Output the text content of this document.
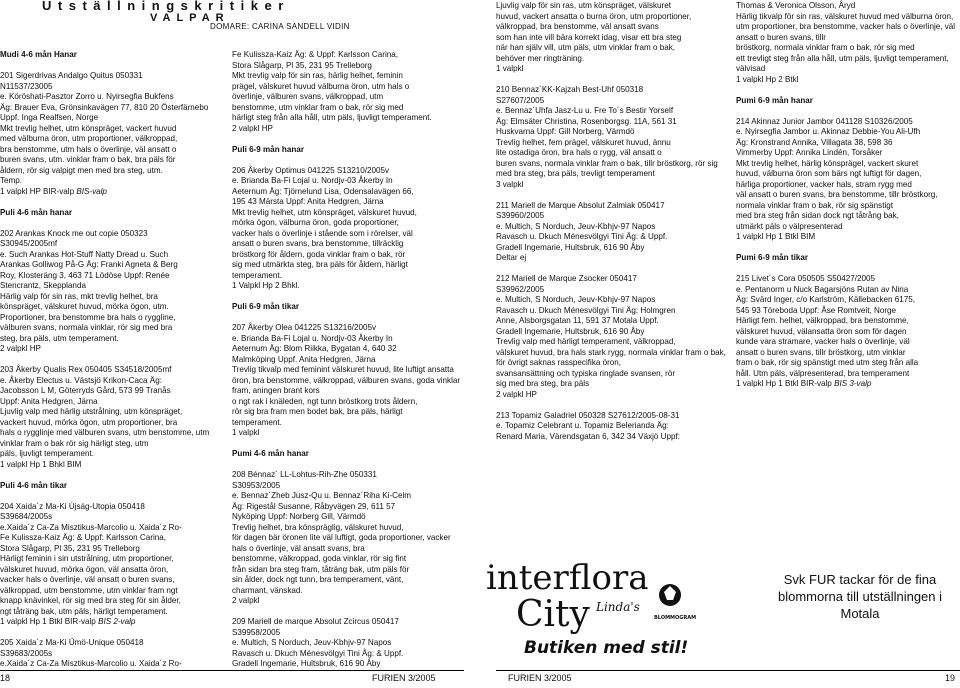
Utställningskritiker
VALPAR
DOMARE: CARINA SANDELL VIDIN

Mudi 4-6 mån Hanar

201 Sigerdrivas Andalgo Quitus 050331
N11537/23005
e. Köröshati-Pasztor Zorro u. Nyirsegfia Bukfens
Äg: Brauer Eva, Grönsinkavägen 77, 810 20 Österfärnebo Uppf. Inga Realfsen, Norge
Mkt trevlig helhet, utm könspräget, vackert huvud
med välburna öron, utm proportioner, välkroppad,
bra benstomme, utm hals o överlinje, väl ansatt o
buren svans, utm. vinklar fram o bak, bra päls för
åldern, rör sig valpigt men med bra steg, utm.
Temp.

1 valpkl HP BIR-valp BIS-valp

Puli 4-6 mån hanar

202 Arankas Knock me out copie 050323
S30945/2005mf
e. Such Arankas Hot-Stuff Natty Dread u. Such
Arankas Golliwog På-G Äg: Franki Agneta & Berg
Roy, Klosteräng 3, 463 71 Lödöse Uppf: Renée
Stencrantz, Skepplanda
Härlig valp för sin ras, mkt trevlig helhet, bra
könspräget, välskuret huvud, mörka ögon, utm.
Proportioner, bra benstomme bra hals o ryggline,
välburen svans, normala vinklar, rör sig med bra
steg, bra päls, utm temperament.
2 valpkl HP

203 Åkerby Qualis Rex 050405 S34518/2005mf
e. Åkerby Electus u. Västsjö Krikon-Caca Äg:
Jacobsson L M, Göterryds Gård, 573 99 Tranås
Uppf: Anita Hedgren, Järna
Ljuvlig valp med härlig utstrålning, utm könspräget,
vackert huvud, mörka ögon, utm proportioner, bra
hals o rygglinje med välburen svans, utm benstomme, utm vinklar fram o bak rör sig härligt steg, utm
päls, ljuvligt temperament.
1 valpkl Hp 1 Bhkl BIM

Puli 4-6 mån tikar

204 Xaida´z Ma-Ki Újság-Utopia 050418
S39684/2005s
e.Xaida´z Ca-Za Misztikus-Marcolio u. Xaida´z Ro-
Fe Kulissza-Kaiz Äg: & Uppf: Karlsson Carina,
Stora Slågarp, Pl 35, 231 95 Trelleborg
Härligt feminin i sin utstrålning, utm proportioner,
välskuret huvud, mörka ögon, väl ansatta öron,
vacker hals o överlinje, väl ansatt o buren svans,
välkroppad, utm benstomme, utm vinklar fram ngt
knapp knävinkel, rör sig med bra steg för sin ålder,
ngt tåträng bak, utm päls, härligt temperament.

1 valpkl Hp 1 Btkl BIR-valp BIS 2-valp

205 Xaida´z Ma-Ki Ümö-Unique 050418
S39683/2005s
e.Xaida´z Ca-Za Misztikus-Marcolio u. Xaida´z Ro-

Fe Kulissza-Kaiz Äg: & Uppf: Karlsson Carina,
Stora Slågarp, Pl 35, 231 95 Trelleborg
Mkt trevlig valp för sin ras, härlig helhet, feminin
prägel, välskuret huvud välburna öron, utm hals o
överlinje, välburen svans, välkroppad, utm
benstomme, utm vinklar fram o bak, rör sig med
härligt steg från alla håll, utm päls, ljuvligt temperament.
2 valpkl HP

Puli 6-9 mån hanar

206 Åkerby Optimus 041225 S13210/2005v
e. Brianda Ba-Fi Lojal u. Nordjv-03 Åkerby In
Aeternum Äg: Tjörnelund Lisa, Odensalavägen 66,
195 43 Märsta Uppf: Anita Hedgren, Järna
Mkt trevlig helhet, utm könspräget, välskuret huvud,
mörka ögon, välburna öron, goda proportioner,
vacker hals o överlinje i stående som i rörelser, väl
ansatt o buren svans, bra benstomme, tillräcklig
bröstkorg för åldern, goda vinklar fram o bak, rör
sig med utmärkta steg, bra päls för åldern, härligt
temperament.
1 Valpkl Hp 2 Bhkl.

Puli 6-9 mån tikar

207 Åkerby Olea 041225 S13216/2005v
e. Brianda Ba-Fi Lojal u. Nordjv-03 Åkerby In
Aeternum Äg: Blom Riikka, Bygatan 4, 640 32
Malmköping Uppf. Anita Hedgren, Järna
Trevlig tikvalp med feminint välskuret huvud, lite luftigt ansatta öron, bra benstomme, välkroppad, välburen svans, goda vinklar fram, aningen brant kors
o ngt rak i knäleden, ngt tunn bröstkorg trots åldern,
rör sig bra fram men bodet bak, bra päls, härligt
temperament.
1 valpkl

Pumi 4-6 mån hanar

208 Bénnaz´ LL-Lohtus-Rih-Zhe 050331
S30953/2005
e. Bennaz´Zheb Jusz-Qu u. Bennaz´Riha Ki-Celm
Äg: Rigestål Susanne, Råbyvägen 29, 611 57
Nyköping Uppf: Norberg Gill, Värmdö
Trevlig helhet, bra könspräglig, välskuret huvud,
för dagen bär öronen lite väl luftigt, goda proportioner, vacker hals o överlinje, väl ansatt svans, bra
benstomme, välkroppad, goda vinklar, rör sig fint
från sidan bra steg fram, tåträng bak, utm päls för
sin ålder, dock ngt tunn, bra temperament, vänt,
charmant, vänskad.
2 valpkl

209 Mariell de marque Absolut Zcircus 050417
S39958/2005
e. Multich, S Norduch, Jeuv-Kbhjv-97 Napos
Ravasch u. Dkuch Ménesvölgyi Tini Åg: & Uppf.
Gradell Ingemarie, Hultsbruk, 616 90 Åby

Ljuvlig valp för sin ras, utm könspräget, välskuret
huvud, vackert ansatta o burna öron, utm proportioner, välkroppad, bra benstomme, väl ansatt svans
som han inte vill bära korrekt idag, visar ett bra steg
när han själv vill, utm päls, utm vinklar fram o bak,
behöver mer ringträning.
1 valpkl

210 Bennaz´KK-Kajzah Best-Uhf 050318
S27607/2005
e. Bennaz´Uhfa Jasz-Lu u. Fre To´s Bestir Yorself
Äg: Elmsäter Christina, Rosenborgsg. 11A, 561 31
Huskvarna Uppf: Gill Norberg, Värmdö
Trevlig helhet, fem prägel, välskuret huvud, ännu
lite ostadiga öron, bra hals o rygg, väl ansatt o
buren svans, normala vinklar fram o bak, tillr bröstkorg, rör sig med bra steg, bra päls, trevligt temperament
3 valpkl

211 Mariell de Marque Absolut Zalmiak 050417
S39960/2005
e. Multich, S Norduch, Jeuv-Kbhjv-97 Napos
Ravasch u. Dkuch Ménesvölgyi Tini Äg: & Uppf.
Gradell Ingemarie, Hultsbruk, 616 90 Åby
Deltar ej

212 Mariell de Marque Zsocker 050417
S39962/2005
e. Multich, S Norduch, Jeuv-Kbhjv-97 Napos
Ravasch u. Dkuch Ménesvölgyi Tini Äg: Holmgren
Anne, Alsborgsgatan 11, 591 37 Motala Uppf.
Gradell Ingemarie, Hultsbruk, 616 90 Åby
Trevlig valp med härligt temperament, välkroppad,
välskuret huvud, bra hals stark rygg, normala vinklar fram o bak, för övrigt saknas rasspecifika öron,
svansansättning och typiska ringlade svansen, rör
sig med bra steg, bra päls
2 valpkl HP

213 Topamiz Galadriel 050328 S27612/2005-08-31
e. Topamiz Celebrant u. Topamiz Belerianda Äg:
Renard Maria, Värendsgatan 6, 342 34 Växjö Uppf:

Thomas & Veronica Olsson, Åryd
Härlig tikvalp för sin ras, välskuret huvud med välburna öron, utm proportioner, bra benstomme, vacker hals o överlinje, väl ansatt o buren svans, tillr
bröstkorg, normala vinklar fram o bak, rör sig med
ett trevligt steg från alla håll, utm päls, ljuvligt temperament, välvisad
1 valpkl Hp 2 Btkl

Pumi 6-9 mån hanar

214 Akinnaz Junior Jambor 041128 S10326/2005
e. Nyirsegfia Jambor u. Akinnaz Debbie-You Ali-Ufh
Äg: Kronstrand Annika, Villagata 38, 598 36
Vimmerby Uppf: Annika Lindén, Torsåker
Mkt trevlig helhet, härlig könsprägel, vackert skuret
huvud, välburna öron som bärs ngt luftigt för dagen,
härliga proportioner, vacker hals, stram rygg med
väl ansatt o buren svans, bra benstomme, tillr bröstkorg, normala vinklar fram o bak, rör sig spänstigt
med bra steg från sidan dock ngt tåtrång bak,
utmärkt päls o välpresenterad
1 valpkl Hp 1 Btkl BIM

Pumi 6-9 mån tikar

215 Livet´s Cora 050505 S50427/2005
e. Pentanorm u Nuck Bagarsjöns Rutan av Nina
Äg: Svärd Inger, c/o Karlström, Källebacken 6175,
545 93 Töreboda Uppf: Åse Romtveit, Norge
Härligt fem. helhet, välkroppad, bra benstomme,
välskuret huvud, välansatta öron som för dagen
kunde vara stramare, vacker hals o överlinje, väl
ansatt o buren svans, tillr bröstkorg, utm vinklar
fram o bak, rör sig spänstigt med utm steg från alla
håll. Utm päls, välpresenterad, bra temperament

1 valpkl Hp 1 Btkl BIR-valp BIS 3-valp

interflora
City Linda's
Butiken med stil!
BLOMMOGRAM
Svk FUR tackar för de fina blommorna till utställningen i Motala
18	FURIEN 3/2005	FURIEN 3/2005	19
